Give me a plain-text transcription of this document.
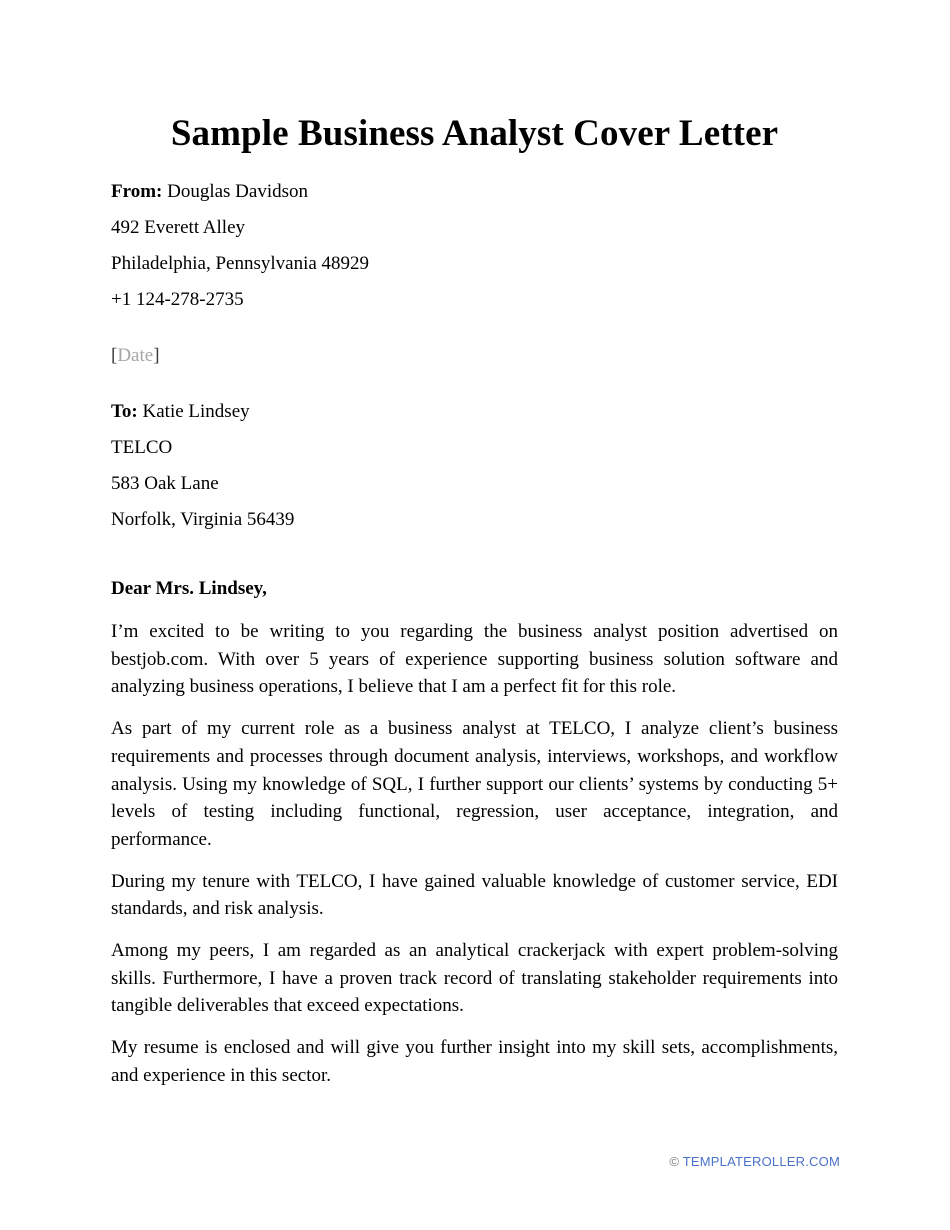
Sample Business Analyst Cover Letter
From: Douglas Davidson
492 Everett Alley
Philadelphia, Pennsylvania 48929
+1 124-278-2735
[Date]
To: Katie Lindsey
TELCO
583 Oak Lane
Norfolk, Virginia 56439
Dear Mrs. Lindsey,

I’m excited to be writing to you regarding the business analyst position advertised on bestjob.com. With over 5 years of experience supporting business solution software and analyzing business operations, I believe that I am a perfect fit for this role.

As part of my current role as a business analyst at TELCO, I analyze client’s business requirements and processes through document analysis, interviews, workshops, and workflow analysis. Using my knowledge of SQL, I further support our clients’ systems by conducting 5+ levels of testing including functional, regression, user acceptance, integration, and performance.

During my tenure with TELCO, I have gained valuable knowledge of customer service, EDI standards, and risk analysis.

Among my peers, I am regarded as an analytical crackerjack with expert problem-solving skills. Furthermore, I have a proven track record of translating stakeholder requirements into tangible deliverables that exceed expectations.

My resume is enclosed and will give you further insight into my skill sets, accomplishments, and experience in this sector.

© TEMPLATEROLLER.COM
